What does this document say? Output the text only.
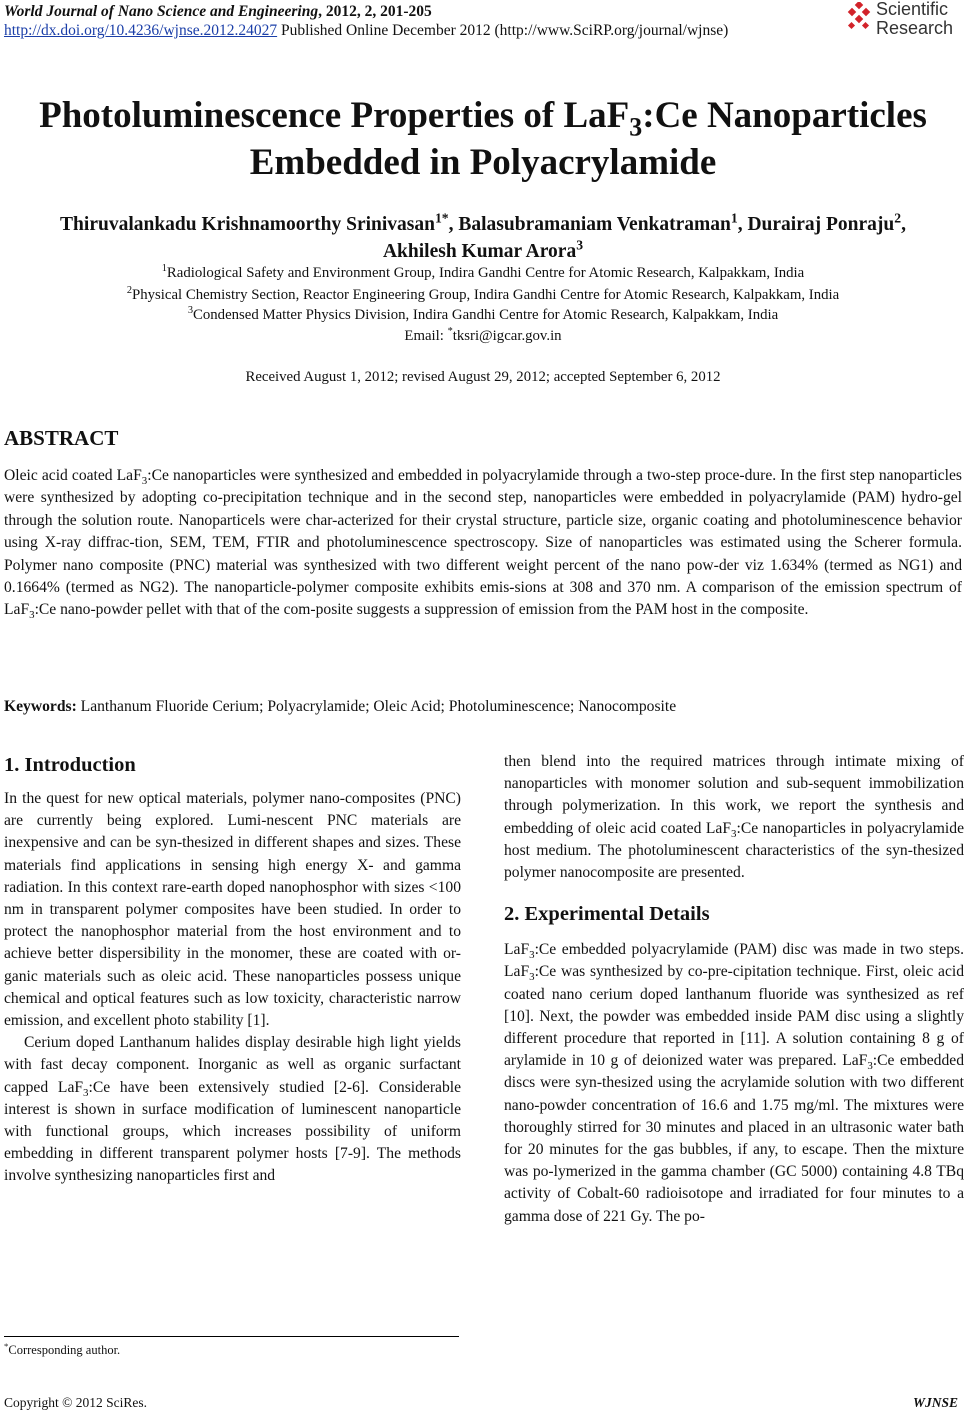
World Journal of Nano Science and Engineering, 2012, 2, 201-205
http://dx.doi.org/10.4236/wjnse.2012.24027 Published Online December 2012 (http://www.SciRP.org/journal/wjnse)
Scientific
Research
Photoluminescence Properties of LaF$_3$:Ce Nanoparticles
Embedded in Polyacrylamide
Thiruvalankadu Krishnamoorthy Srinivasan$^{1*}$, Balasubramaniam Venkatraman$^1$, Durairaj Ponraju$^2$,
Akhilesh Kumar Arora$^3$
$^1$Radiological Safety and Environment Group, Indira Gandhi Centre for Atomic Research, Kalpakkam, India
$^2$Physical Chemistry Section, Reactor Engineering Group, Indira Gandhi Centre for Atomic Research, Kalpakkam, India
$^3$Condensed Matter Physics Division, Indira Gandhi Centre for Atomic Research, Kalpakkam, India
Email: *tksri@igcar.gov.in
Received August 1, 2012; revised August 29, 2012; accepted September 6, 2012
ABSTRACT
Oleic acid coated LaF$_3$:Ce nanoparticles were synthesized and embedded in polyacrylamide through a two-step proce-dure. In the first step nanoparticles were synthesized by adopting co-precipitation technique and in the second step, nanoparticles were embedded in polyacrylamide (PAM) hydro-gel through the solution route. Nanoparticels were char-acterized for their crystal structure, particle size, organic coating and photoluminescence behavior using X-ray diffrac-tion, SEM, TEM, FTIR and photoluminescence spectroscopy. Size of nanoparticles was estimated using the Scherer formula. Polymer nano composite (PNC) material was synthesized with two different weight percent of the nano pow-der viz 1.634% (termed as NG1) and 0.1664% (termed as NG2). The nanoparticle-polymer composite exhibits emis-sions at 308 and 370 nm. A comparison of the emission spectrum of LaF$_3$:Ce nano-powder pellet with that of the com-posite suggests a suppression of emission from the PAM host in the composite.
Keywords: Lanthanum Fluoride Cerium; Polyacrylamide; Oleic Acid; Photoluminescence; Nanocomposite
1. Introduction

In the quest for new optical materials, polymer nano-composites (PNC) are currently being explored. Lumi-nescent PNC materials are inexpensive and can be syn-thesized in different shapes and sizes. These materials find applications in sensing high energy X- and gamma radiation. In this context rare-earth doped nanophosphor with sizes <100 nm in transparent polymer composites have been studied. In order to protect the nanophosphor material from the host environment and to achieve better dispersibility in the monomer, these are coated with or-ganic materials such as oleic acid. These nanoparticles possess unique chemical and optical features such as low toxicity, characteristic narrow emission, and excellent photo stability [1].

Cerium doped Lanthanum halides display desirable high light yields with fast decay component. Inorganic as well as organic surfactant capped LaF$_3$:Ce have been extensively studied [2-6]. Considerable interest is shown in surface modification of luminescent nanoparticle with functional groups, which increases possibility of uniform embedding in different transparent polymer hosts [7-9]. The methods involve synthesizing nanoparticles first and

then blend into the required matrices through intimate mixing of nanoparticles with monomer solution and sub-sequent immobilization through polymerization. In this work, we report the synthesis and embedding of oleic acid coated LaF$_3$:Ce nanoparticles in polyacrylamide host medium. The photoluminescent characteristics of the syn-thesized polymer nanocomposite are presented.

2. Experimental Details

LaF$_3$:Ce embedded polyacrylamide (PAM) disc was made in two steps. LaF$_3$:Ce was synthesized by co-pre-cipitation technique. First, oleic acid coated nano cerium doped lanthanum fluoride was synthesized as ref [10]. Next, the powder was embedded inside PAM disc using a slightly different procedure that reported in [11]. A solution containing 8 g of arylamide in 10 g of deionized water was prepared. LaF$_3$:Ce embedded discs were syn-thesized using the acrylamide solution with two different nano-powder concentration of 16.6 and 1.75 mg/ml. The mixtures were thoroughly stirred for 30 minutes and placed in an ultrasonic water bath for 20 minutes for the gas bubbles, if any, to escape. Then the mixture was po-lymerized in the gamma chamber (GC 5000) containing 4.8 TBq activity of Cobalt-60 radioisotope and irradiated for four minutes to a gamma dose of 221 Gy. The po-

*Corresponding author.
Copyright © 2012 SciRes.	WJNSE
